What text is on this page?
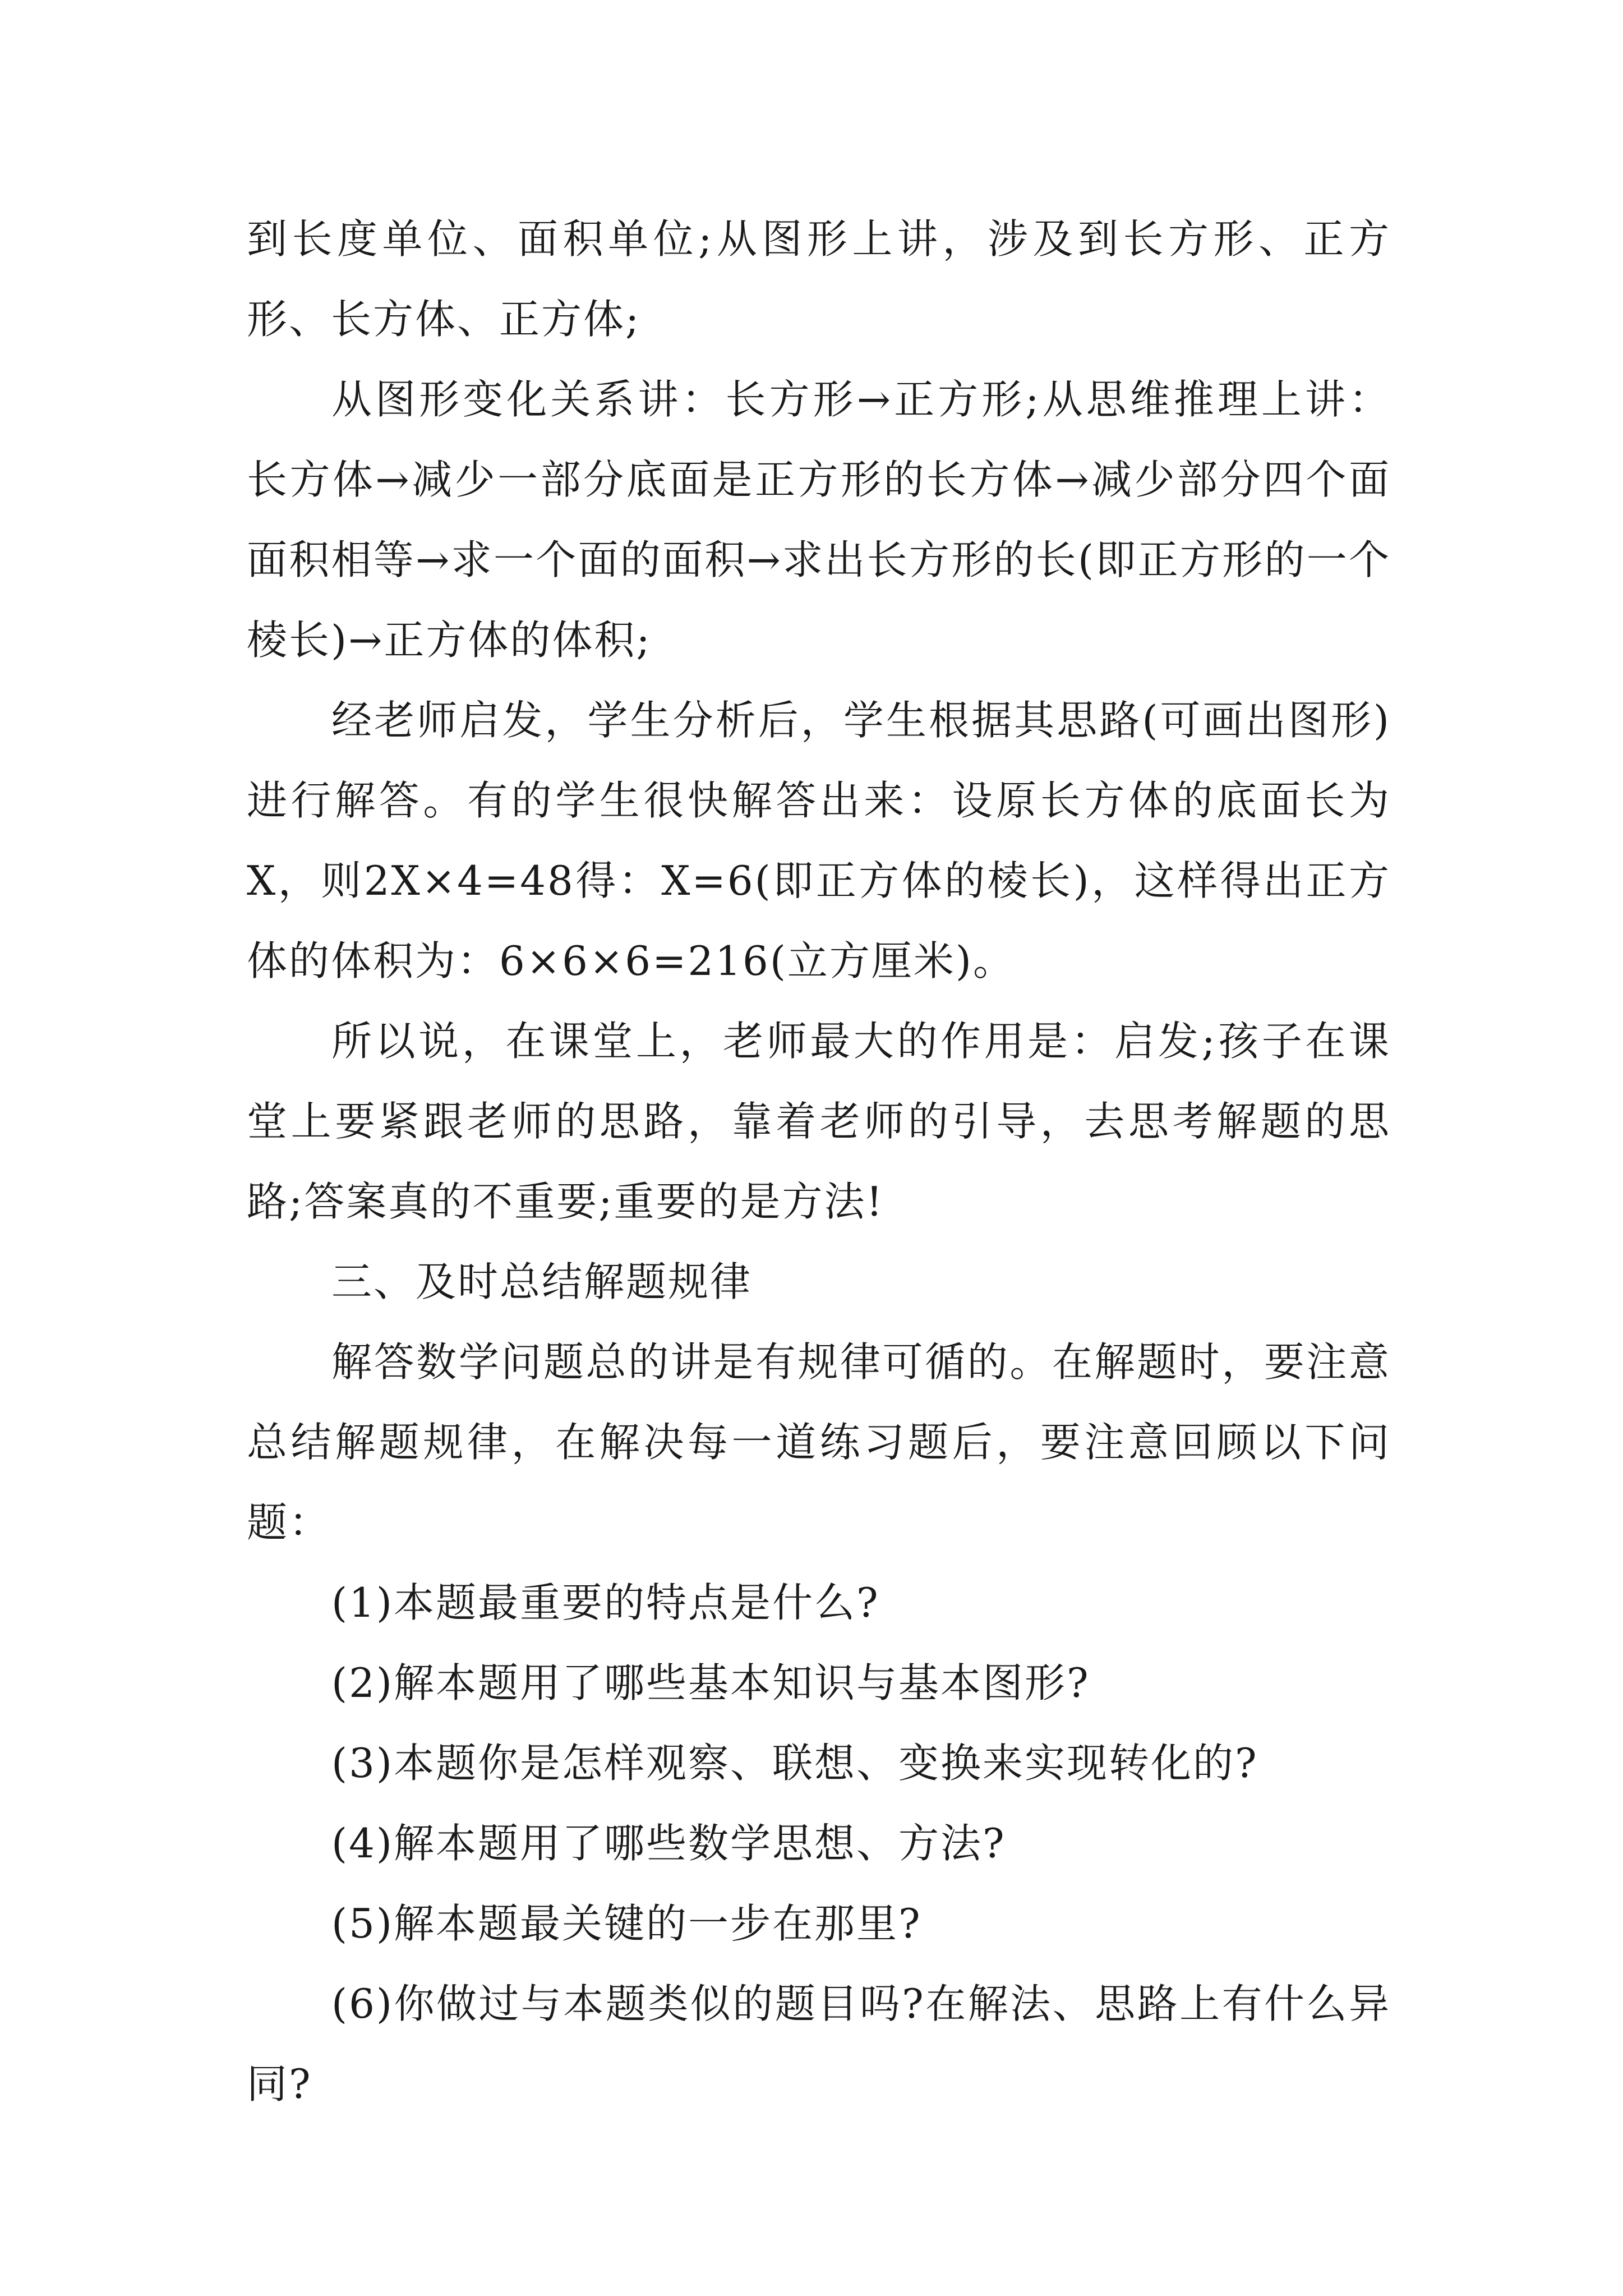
到长度单位、面积单位;从图形上讲，涉及到长方形、正方形、长方体、正方体;

从图形变化关系讲：长方形→正方形;从思维推理上讲：长方体→减少一部分底面是正方形的长方体→减少部分四个面面积相等→求一个面的面积→求出长方形的长(即正方形的一个棱长)→正方体的体积;

经老师启发，学生分析后，学生根据其思路(可画出图形)进行解答。有的学生很快解答出来：设原长方体的底面长为X，则2X×4=48得：X=6(即正方体的棱长)，这样得出正方体的体积为：6×6×6=216(立方厘米)。

所以说，在课堂上，老师最大的作用是：启发;孩子在课堂上要紧跟老师的思路，靠着老师的引导，去思考解题的思路;答案真的不重要;重要的是方法!

三、及时总结解题规律

解答数学问题总的讲是有规律可循的。在解题时，要注意总结解题规律，在解决每一道练习题后，要注意回顾以下问题：

(1)本题最重要的特点是什么?

(2)解本题用了哪些基本知识与基本图形?

(3)本题你是怎样观察、联想、变换来实现转化的?

(4)解本题用了哪些数学思想、方法?

(5)解本题最关键的一步在那里?

(6)你做过与本题类似的题目吗?在解法、思路上有什么异同?
